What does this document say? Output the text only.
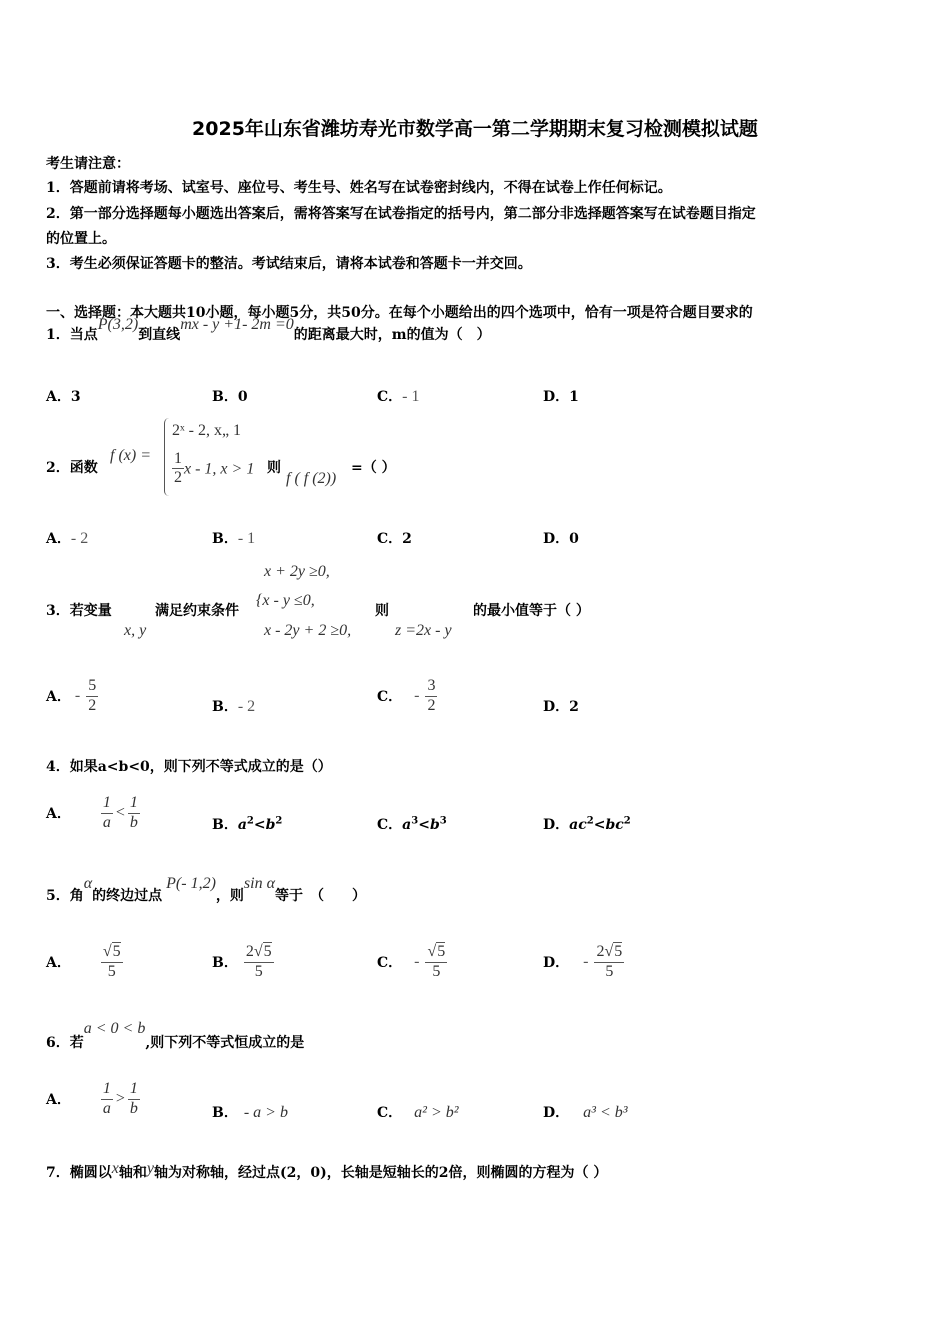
2025年山东省潍坊寿光市数学高一第二学期期末复习检测模拟试题
考生请注意：
1．答题前请将考场、试室号、座位号、考生号、姓名写在试卷密封线内，不得在试卷上作任何标记。
2．第一部分选择题每小题选出答案后，需将答案写在试卷指定的括号内，第二部分非选择题答案写在试卷题目指定
的位置上。
3．考生必须保证答题卡的整洁。考试结束后，请将本试卷和答题卡一并交回。
一、选择题：本大题共10小题，每小题5分，共50分。在每个小题给出的四个选项中，恰有一项是符合题目要求的
1．当点P(3,2)到直线mx - y +1- 2m =0的距离最大时，m的值为（　）
A．3	B．0	C．- 1	D．1
2．函数
f (x) =
2ˣ - 2, x„ 1
$\frac{1}{2}$ x - 1, x > 1 则
f ( f (2))
=（ ）
A．- 2	B．- 1	C．2	D．0
3．若变量
x, y
满足约束条件
x + 2y ≥0,
{x - y ≤0,
x - 2y + 2 ≥0,
则
z =2x - y
的最小值等于（ ）
A． - $\frac{5}{2}$	B．- 2
C． - $\frac{3}{2}$	D．2
4．如果a<b<0，则下列不等式成立的是（）
A． $\frac{1}{a} < \frac{1}{b}$	B．$a^2<b^2$	C．$a^3<b^3$	D．$ac^2<bc^2$
5．角α的终边过点P(- 1,2)，则sin α等于　（　　）
A． $\frac{√5}{5}$	B． $\frac{2√5}{5}$	C． - $\frac{√5}{5}$	D． - $\frac{2√5}{5}$
6．若a < 0 < b,则下列不等式恒成立的是
A． $\frac{1}{a} > \frac{1}{b}$	B． - a > b	C． a² > b²	D． a³ < b³
7．椭圆以x轴和y轴为对称轴，经过点(2，0)，长轴是短轴长的2倍，则椭圆的方程为（ ）
